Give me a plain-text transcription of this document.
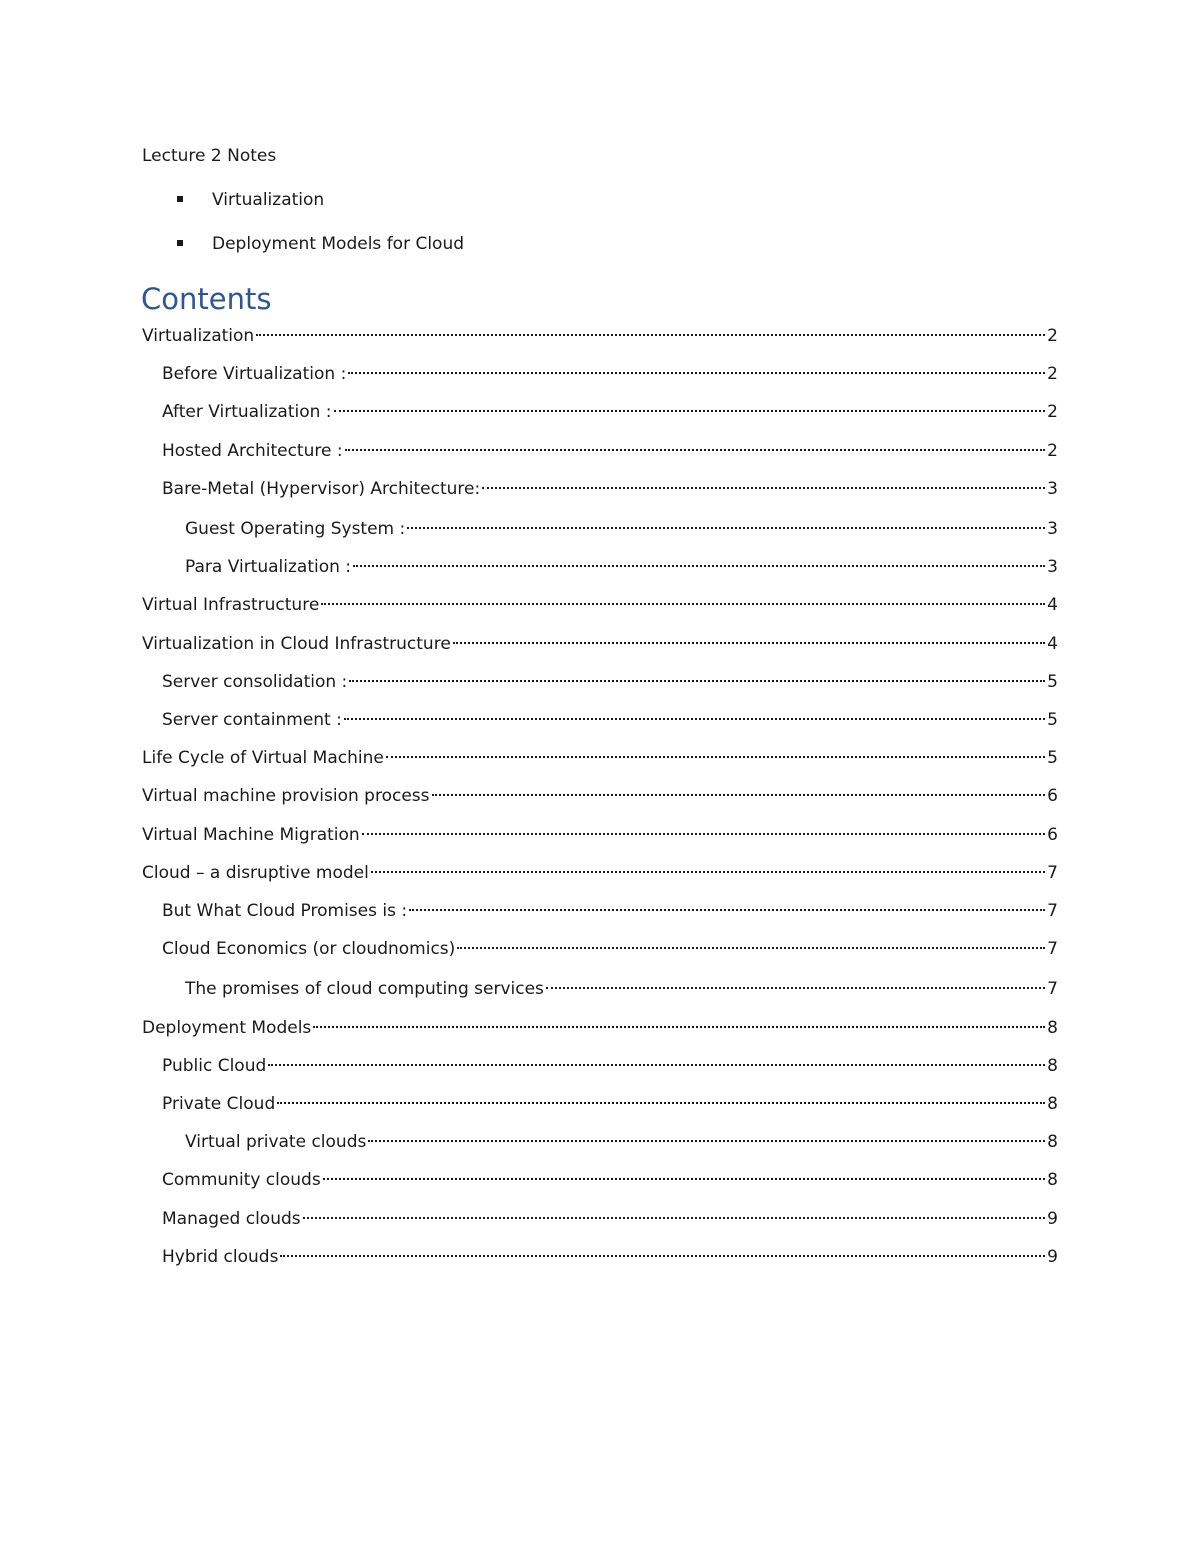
Lecture 2 Notes
Virtualization
Deployment Models for Cloud
Contents
Virtualization	2
Before Virtualization :	2
After Virtualization :	2
Hosted Architecture :	2
Bare-Metal (Hypervisor) Architecture:	3
Guest Operating System :	3
Para Virtualization :	3
Virtual Infrastructure	4
Virtualization in Cloud Infrastructure	4
Server consolidation :	5
Server containment :	5
Life Cycle of Virtual Machine	5
Virtual machine provision process	6
Virtual Machine Migration	6
Cloud – a disruptive model	7
But What Cloud Promises is :	7
Cloud Economics (or cloudnomics)	7
The promises of cloud computing services	7
Deployment Models	8
Public Cloud	8
Private Cloud	8
Virtual private clouds	8
Community clouds	8
Managed clouds	9
Hybrid clouds	9
